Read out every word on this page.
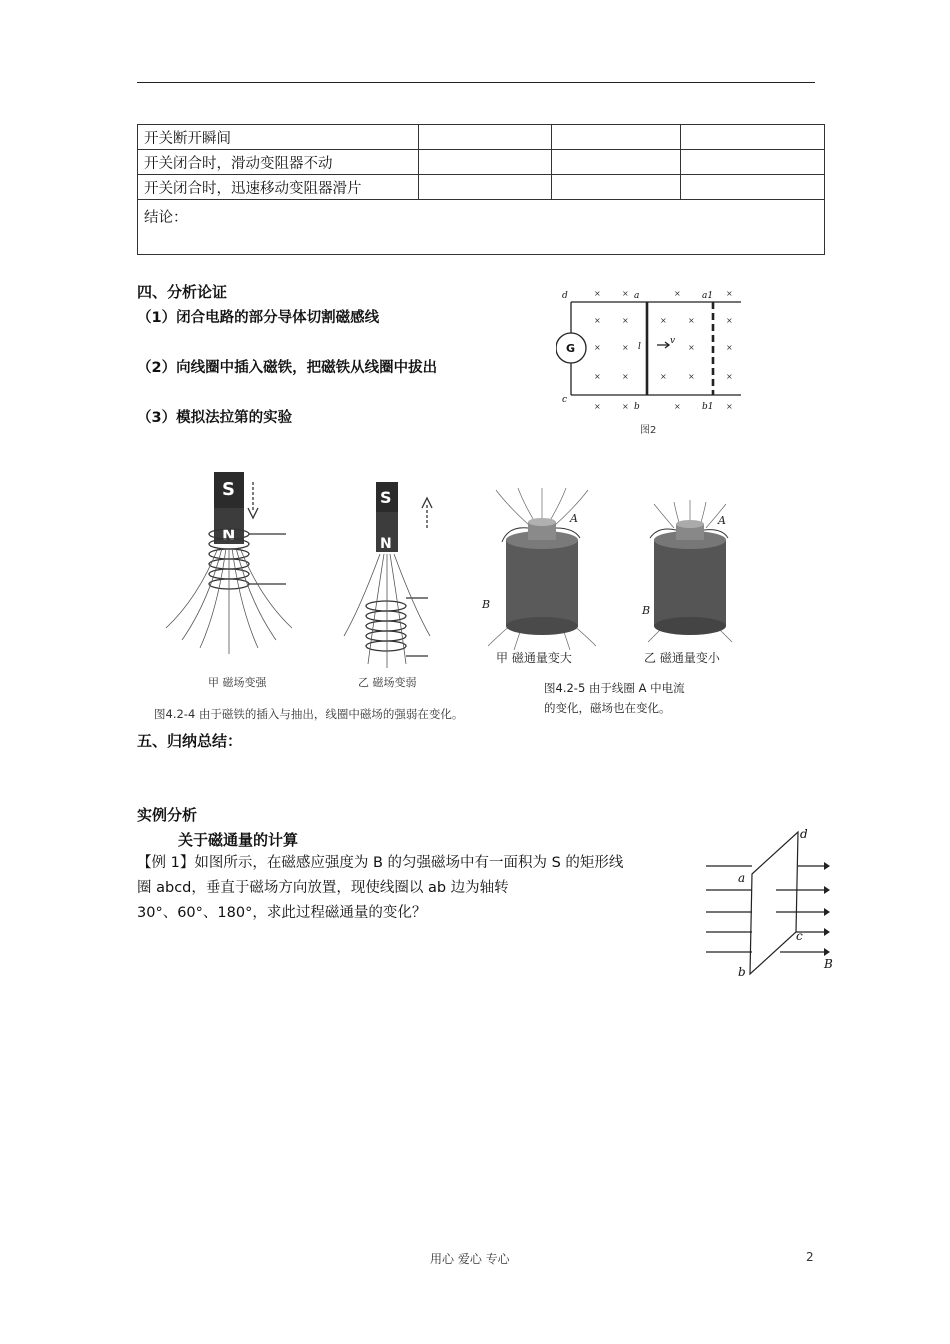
开关断开瞬间			
开关闭合时，滑动变阻器不动			
开关闭合时，迅速移动变阻器滑片			
结论：			
四、分析论证
（1）闭合电路的部分导体切割磁感线
（2）向线圈中插入磁铁，把磁铁从线圈中拔出
（3）模拟法拉第的实验
×	×	×	×
×	×	×	×	×
×	×	×	×
×	×	×	×	×
×	×	×	×
d	a	a1
c
b	b1
l
v
G
图2
S
N
甲 磁场变强
S
N
乙 磁场变弱
图4.2-4 由于磁铁的插入与抽出，线圈中磁场的强弱在变化。
A
B
A
B
甲 磁通量变大	乙 磁通量变小
图4.2-5 由于线圈 A 中电流
的变化，磁场也在变化。
五、归纳总结：
实例分析
关于磁通量的计算
【例 1】如图所示，在磁感应强度为 B 的匀强磁场中有一面积为 S 的矩形线
圈 abcd，垂直于磁场方向放置，现使线圈以 ab 边为轴转
30°、60°、180°，求此过程磁通量的变化？
a
b
c
d
B
用心 爱心 专心	2
